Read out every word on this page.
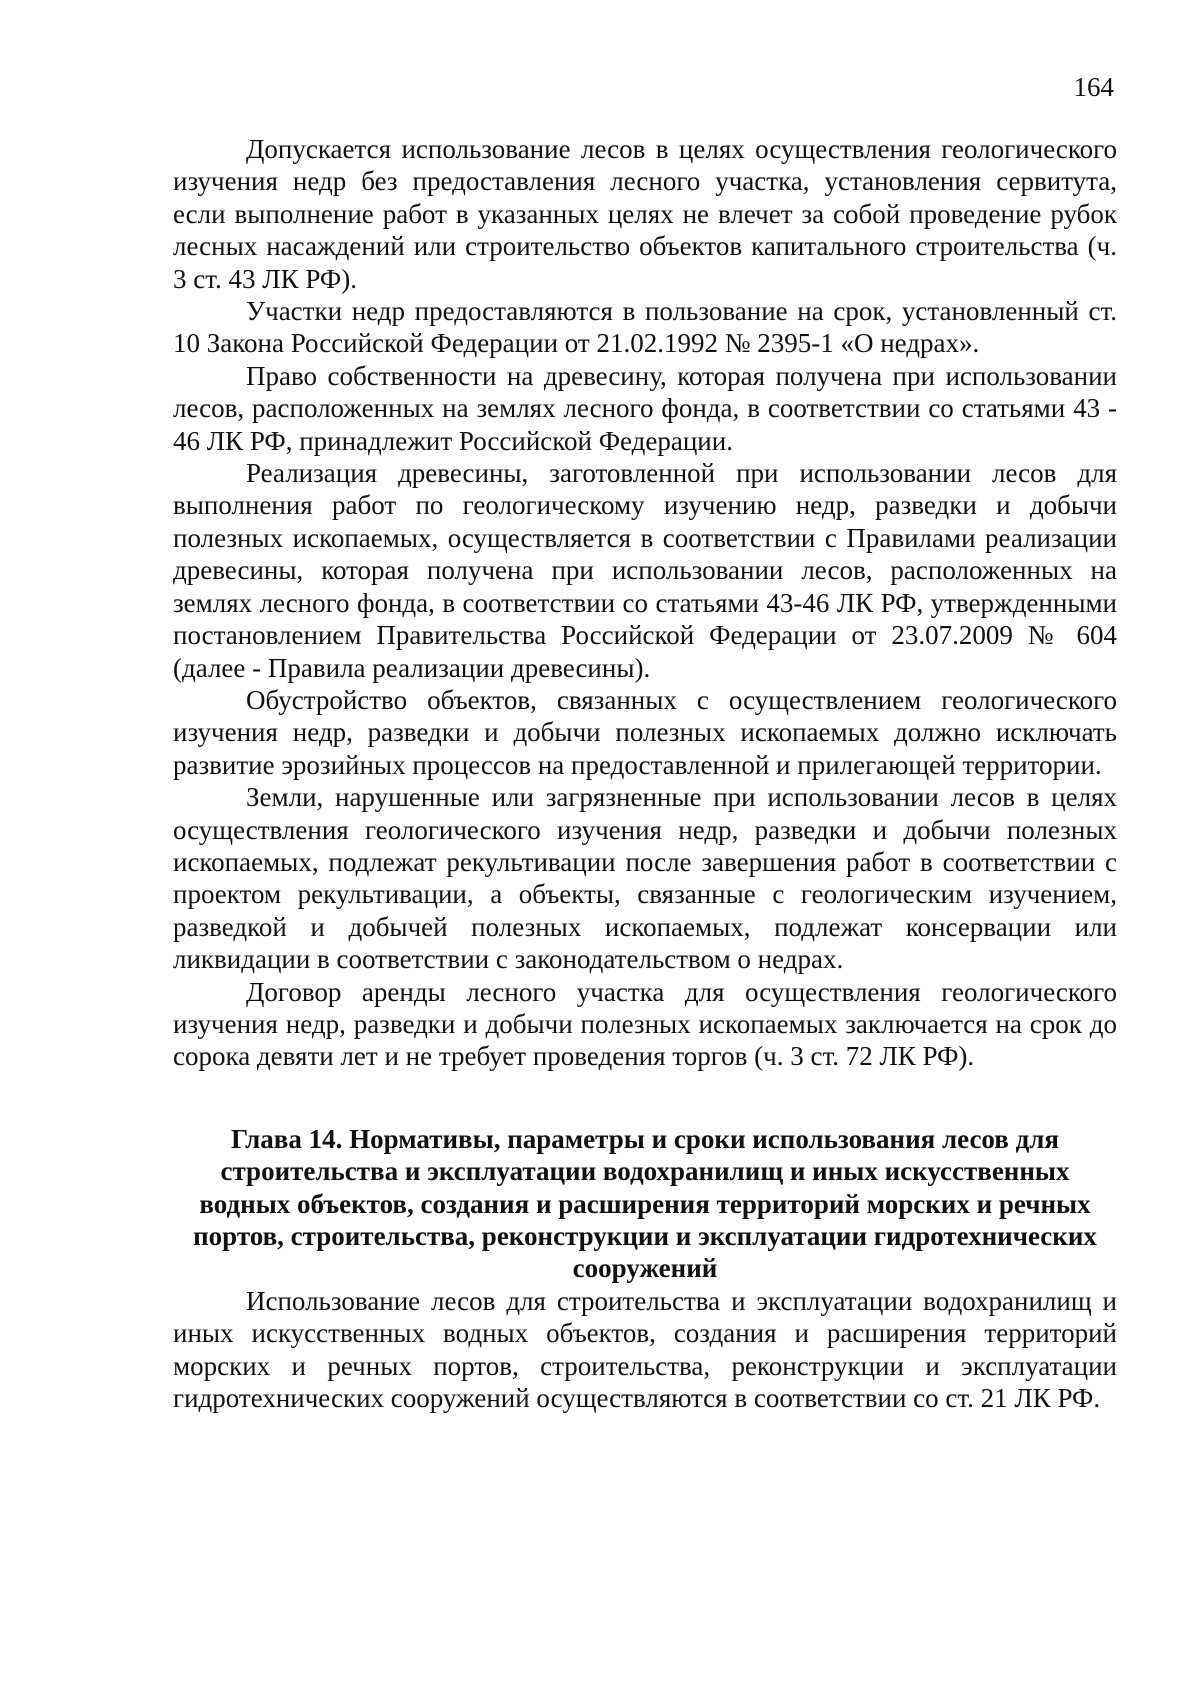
164

Допускается использование лесов в целях осуществления геологического изучения недр без предоставления лесного участка, установления сервитута, если выполнение работ в указанных целях не влечет за собой проведение рубок лесных насаждений или строительство объектов капитального строительства (ч. 3 ст. 43 ЛК РФ).

Участки недр предоставляются в пользование на срок, установленный ст. 10 Закона Российской Федерации от 21.02.1992 № 2395-1 «О недрах».

Право собственности на древесину, которая получена при использовании лесов, расположенных на землях лесного фонда, в соответствии со статьями 43 - 46 ЛК РФ, принадлежит Российской Федерации.

Реализация древесины, заготовленной при использовании лесов для выполнения работ по геологическому изучению недр, разведки и добычи полезных ископаемых, осуществляется в соответствии с Правилами реализации древесины, которая получена при использовании лесов, расположенных на землях лесного фонда, в соответствии со статьями 43-46 ЛК РФ, утвержденными постановлением Правительства Российской Федерации от 23.07.2009 № 604 (далее - Правила реализации древесины).

Обустройство объектов, связанных с осуществлением геологического изучения недр, разведки и добычи полезных ископаемых должно исключать развитие эрозийных процессов на предоставленной и прилегающей территории.

Земли, нарушенные или загрязненные при использовании лесов в целях осуществления геологического изучения недр, разведки и добычи полезных ископаемых, подлежат рекультивации после завершения работ в соответствии с проектом рекультивации, а объекты, связанные с геологическим изучением, разведкой и добычей полезных ископаемых, подлежат консервации или ликвидации в соответствии с законодательством о недрах.

Договор аренды лесного участка для осуществления геологического изучения недр, разведки и добычи полезных ископаемых заключается на срок до сорока девяти лет и не требует проведения торгов (ч. 3 ст. 72 ЛК РФ).

Глава 14. Нормативы, параметры и сроки использования лесов для строительства и эксплуатации водохранилищ и иных искусственных водных объектов, создания и расширения территорий морских и речных портов, строительства, реконструкции и эксплуатации гидротехнических сооружений

Использование лесов для строительства и эксплуатации водохранилищ и иных искусственных водных объектов, создания и расширения территорий морских и речных портов, строительства, реконструкции и эксплуатации гидротехнических сооружений осуществляются в соответствии со ст. 21 ЛК РФ.
